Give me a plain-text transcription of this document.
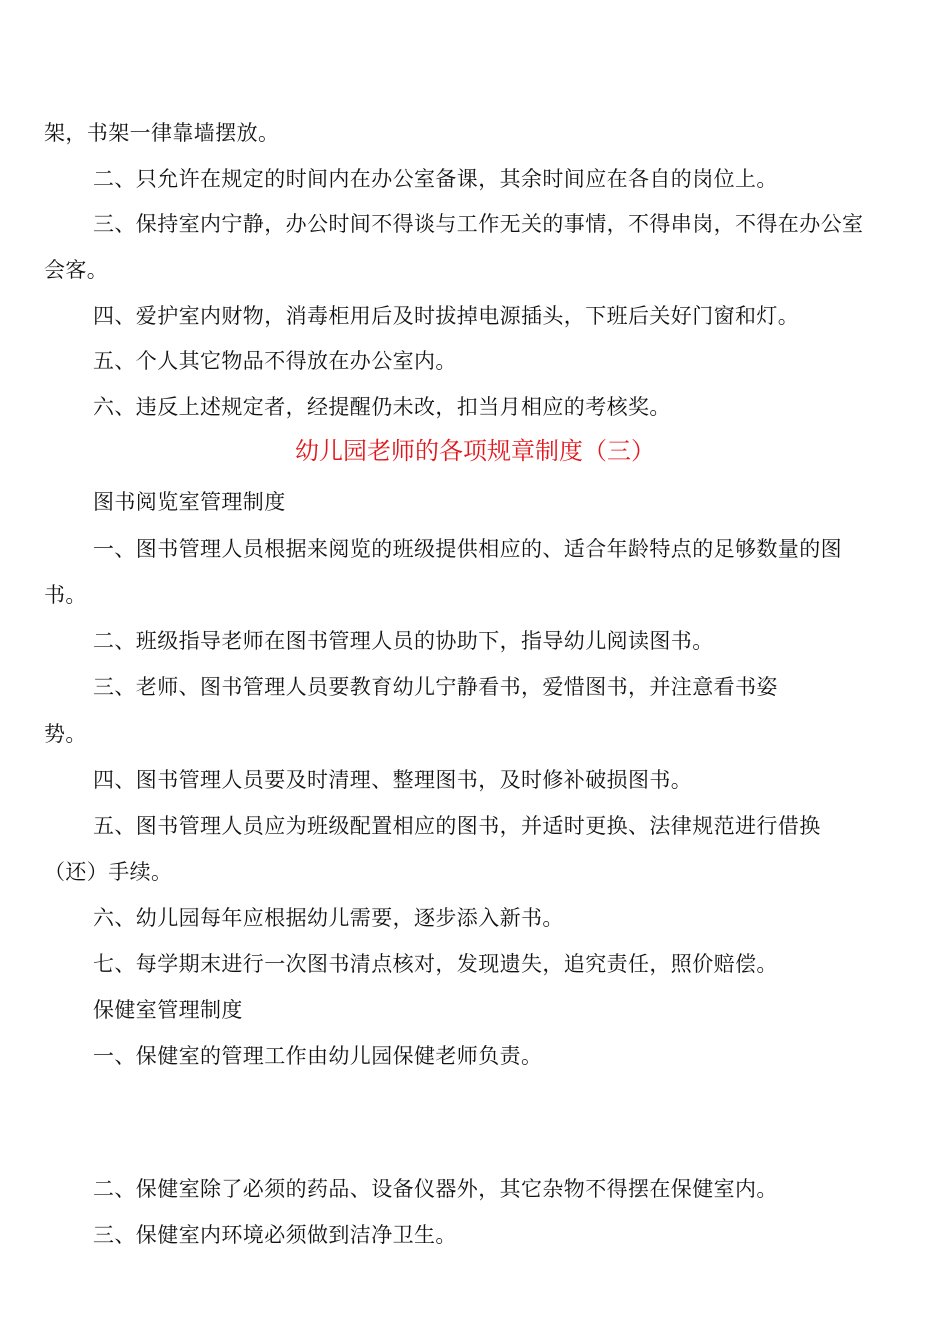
架，书架一律靠墙摆放。
二、只允许在规定的时间内在办公室备课，其余时间应在各自的岗位上。
三、保持室内宁静，办公时间不得谈与工作无关的事情，不得串岗，不得在办公室
会客。
四、爱护室内财物，消毒柜用后及时拔掉电源插头，下班后关好门窗和灯。
五、个人其它物品不得放在办公室内。
六、违反上述规定者，经提醒仍未改，扣当月相应的考核奖。
幼儿园老师的各项规章制度（三）
图书阅览室管理制度
一、图书管理人员根据来阅览的班级提供相应的、适合年龄特点的足够数量的图
书。
二、班级指导老师在图书管理人员的协助下，指导幼儿阅读图书。
三、老师、图书管理人员要教育幼儿宁静看书，爱惜图书，并注意看书姿
势。
四、图书管理人员要及时清理、整理图书，及时修补破损图书。
五、图书管理人员应为班级配置相应的图书，并适时更换、法律规范进行借换
（还）手续。
六、幼儿园每年应根据幼儿需要，逐步添入新书。
七、每学期末进行一次图书清点核对，发现遗失，追究责任，照价赔偿。
保健室管理制度
一、保健室的管理工作由幼儿园保健老师负责。
二、保健室除了必须的药品、设备仪器外，其它杂物不得摆在保健室内。
三、保健室内环境必须做到洁净卫生。
